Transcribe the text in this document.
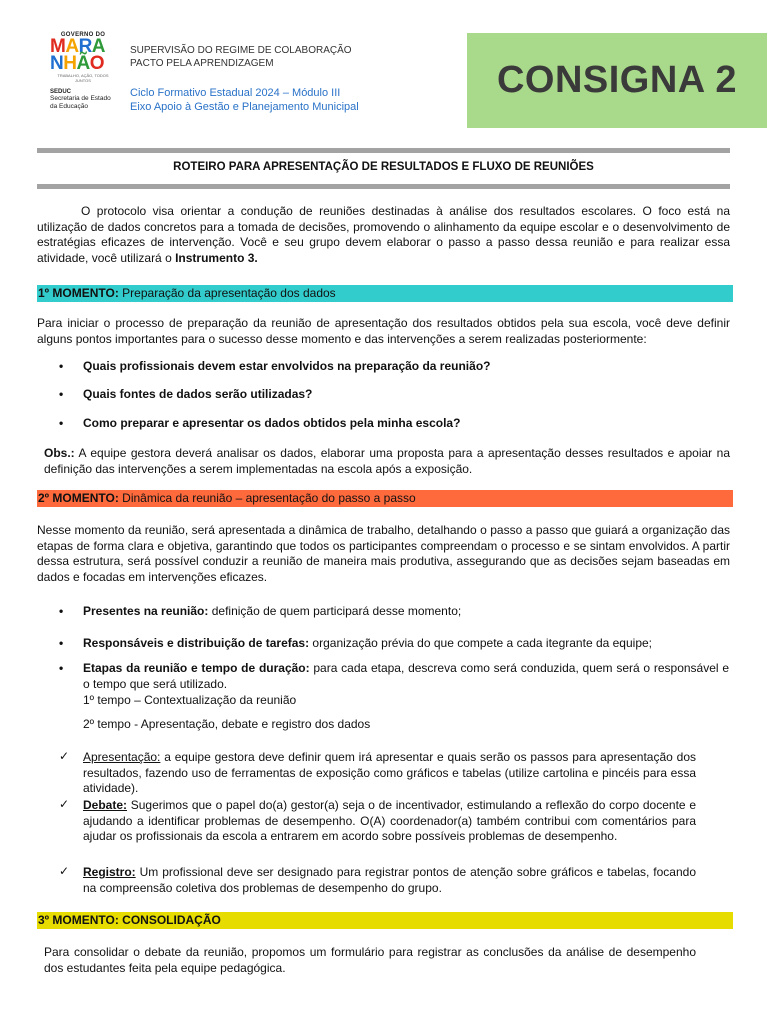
GOVERNO DO
MARA
NHÃO
TRABALHO, AÇÃO, TODOS JUNTOS
SEDUC
Secretaria de Estado
da Educação
SUPERVISÃO DO REGIME DE COLABORAÇÃO
PACTO PELA APRENDIZAGEM
Ciclo Formativo Estadual 2024 – Módulo III
Eixo Apoio à Gestão e Planejamento Municipal
CONSIGNA 2
ROTEIRO PARA APRESENTAÇÃO DE RESULTADOS E FLUXO DE REUNIÕES
O protocolo visa orientar a condução de reuniões destinadas à análise dos resultados escolares. O foco está na utilização de dados concretos para a tomada de decisões, promovendo o alinhamento da equipe escolar e o desenvolvimento de estratégias eficazes de intervenção. Você e seu grupo devem elaborar o passo a passo dessa reunião e para realizar essa atividade, você utilizará o Instrumento 3.
1º MOMENTO: Preparação da apresentação dos dados
Para iniciar o processo de preparação da reunião de apresentação dos resultados obtidos pela sua escola, você deve definir alguns pontos importantes para o sucesso desse momento e das intervenções a serem realizadas posteriormente:
• Quais profissionais devem estar envolvidos na preparação da reunião?
• Quais fontes de dados serão utilizadas?
• Como preparar e apresentar os dados obtidos pela minha escola?
Obs.: A equipe gestora deverá analisar os dados, elaborar uma proposta para a apresentação desses resultados e apoiar na definição das intervenções a serem implementadas na escola após a exposição.
2º MOMENTO: Dinâmica da reunião – apresentação do passo a passo
Nesse momento da reunião, será apresentada a dinâmica de trabalho, detalhando o passo a passo que guiará a organização das etapas de forma clara e objetiva, garantindo que todos os participantes compreendam o processo e se sintam envolvidos. A partir dessa estrutura, será possível conduzir a reunião de maneira mais produtiva, assegurando que as decisões sejam baseadas em dados e focadas em intervenções eficazes.
• Presentes na reunião: definição de quem participará desse momento;
• Responsáveis e distribuição de tarefas: organização prévia do que compete a cada itegrante da equipe;
• Etapas da reunião e tempo de duração: para cada etapa, descreva como será conduzida, quem será o responsável e o tempo que será utilizado.
1º tempo – Contextualização da reunião
2º tempo - Apresentação, debate e registro dos dados
✓ Apresentação: a equipe gestora deve definir quem irá apresentar e quais serão os passos para apresentação dos resultados, fazendo uso de ferramentas de exposição como gráficos e tabelas (utilize cartolina e pincéis para essa atividade).
✓ Debate: Sugerimos que o papel do(a) gestor(a) seja o de incentivador, estimulando a reflexão do corpo docente e ajudando a identificar problemas de desempenho. O(A) coordenador(a) também contribui com comentários para ajudar os profissionais da escola a entrarem em acordo sobre possíveis problemas de desempenho.
✓ Registro: Um profissional deve ser designado para registrar pontos de atenção sobre gráficos e tabelas, focando na compreensão coletiva dos problemas de desempenho do grupo.
3º MOMENTO: CONSOLIDAÇÃO
Para consolidar o debate da reunião, propomos um formulário para registrar as conclusões da análise de desempenho dos estudantes feita pela equipe pedagógica.
